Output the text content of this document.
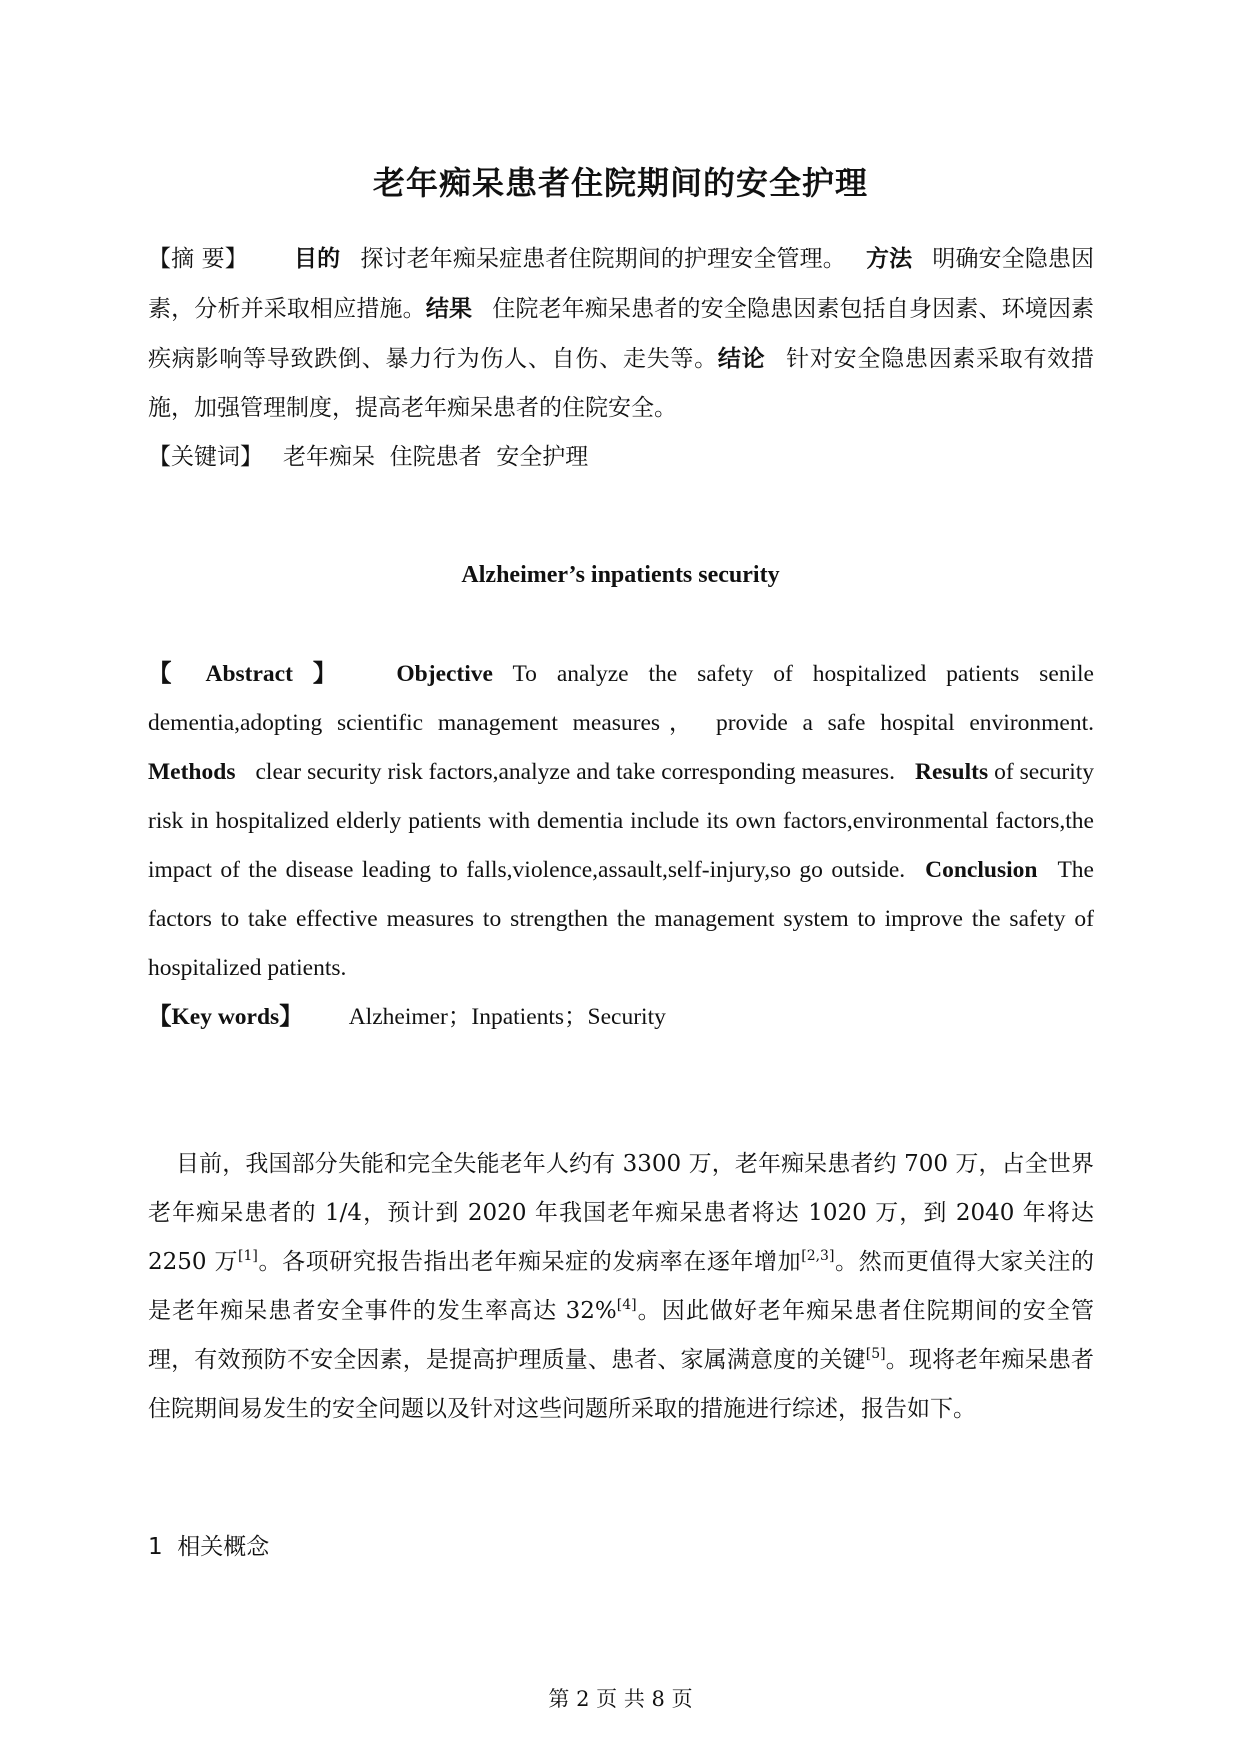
老年痴呆患者住院期间的安全护理

【摘 要】 目的 探讨老年痴呆症患者住院期间的护理安全管理。 方法 明确安全隐患因素，分析并采取相应措施。结果 住院老年痴呆患者的安全隐患因素包括自身因素、环境因素疾病影响等导致跌倒、暴力行为伤人、自伤、走失等。结论 针对安全隐患因素采取有效措施，加强管理制度，提高老年痴呆患者的住院安全。

【关键词】 老年痴呆  住院患者  安全护理

Alzheimer’s inpatients security

【 Abstract 】 Objective To analyze the safety of hospitalized patients senile dementia,adopting scientific management measures， provide a safe hospital environment. Methods clear security risk factors,analyze and take corresponding measures. Results of security risk in hospitalized elderly patients with dementia include its own factors,environmental factors,the impact of the disease leading to falls,violence,assault,self-injury,so go outside. Conclusion The factors to take effective measures to strengthen the management system to improve the safety of hospitalized patients.

【Key words】 Alzheimer；Inpatients；Security

目前，我国部分失能和完全失能老年人约有 3300 万，老年痴呆患者约 700 万，占全世界老年痴呆患者的 1/4，预计到 2020 年我国老年痴呆患者将达 1020 万，到 2040 年将达 2250 万[1]。各项研究报告指出老年痴呆症的发病率在逐年增加[2,3]。然而更值得大家关注的是老年痴呆患者安全事件的发生率高达 32%[4]。因此做好老年痴呆患者住院期间的安全管理，有效预防不安全因素，是提高护理质量、患者、家属满意度的关键[5]。现将老年痴呆患者住院期间易发生的安全问题以及针对这些问题所采取的措施进行综述，报告如下。

1  相关概念
第 2 页 共 8 页
